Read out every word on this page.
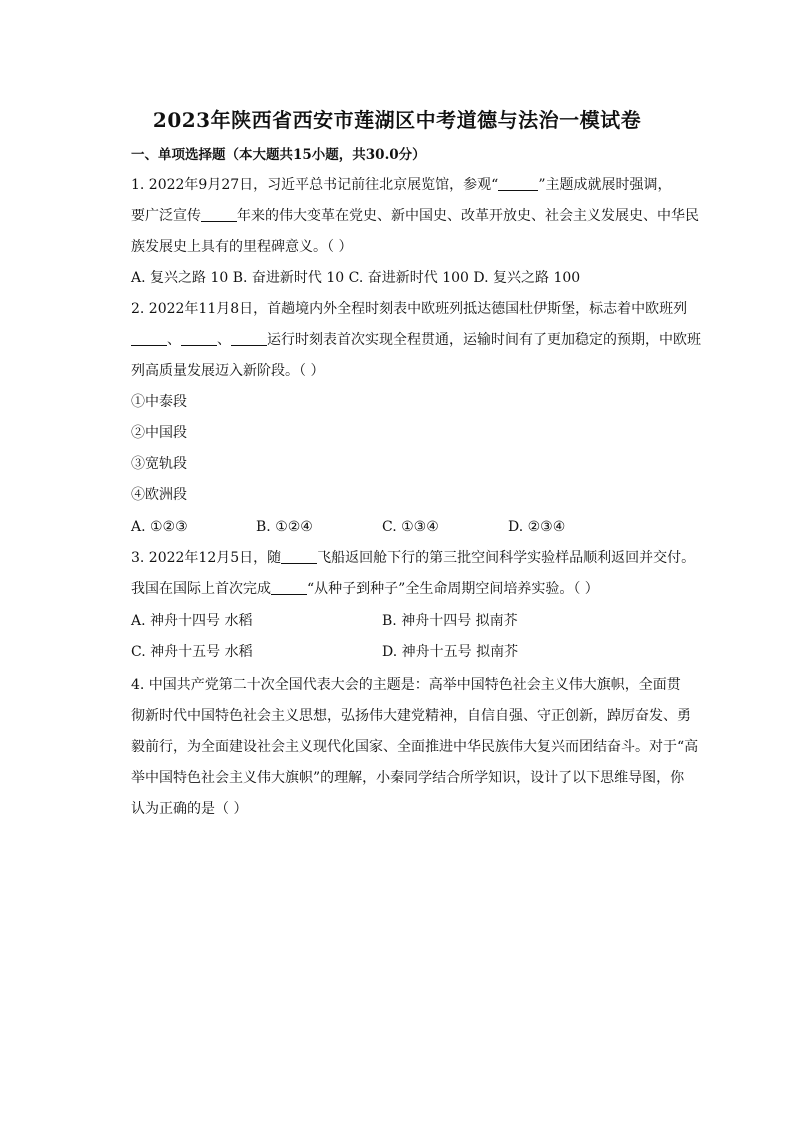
2023年陕西省西安市莲湖区中考道德与法治一模试卷
一、单项选择题（本大题共15小题，共30.0分）
1. 2022年9月27日，习近平总书记前往北京展览馆，参观“	”主题成就展时强调，
要广泛宣传	年来的伟大变革在党史、新中国史、改革开放史、社会主义发展史、中华民
族发展史上具有的里程碑意义。（ ）
A. 复兴之路 10 B. 奋进新时代 10 C. 奋进新时代 100 D. 复兴之路 100
2. 2022年11月8日，首趟境内外全程时刻表中欧班列抵达德国杜伊斯堡，标志着中欧班列
、	、	运行时刻表首次实现全程贯通，运输时间有了更加稳定的预期，中欧班
列高质量发展迈入新阶段。（ ）
①中泰段
②中国段
③宽轨段
④欧洲段
A. ①②③	B. ①②④	C. ①③④	D. ②③④
3. 2022年12月5日，随	飞船返回舱下行的第三批空间科学实验样品顺利返回并交付。
我国在国际上首次完成	“从种子到种子”全生命周期空间培养实验。（ ）
A. 神舟十四号 水稻	B. 神舟十四号 拟南芥
C. 神舟十五号 水稻	D. 神舟十五号 拟南芥
4. 中国共产党第二十次全国代表大会的主题是：高举中国特色社会主义伟大旗帜，全面贯
彻新时代中国特色社会主义思想，弘扬伟大建党精神，自信自强、守正创新，踔厉奋发、勇
毅前行，为全面建设社会主义现代化国家、全面推进中华民族伟大复兴而团结奋斗。对于“高
举中国特色社会主义伟大旗帜”的理解，小秦同学结合所学知识，设计了以下思维导图，你
认为正确的是（ ）
